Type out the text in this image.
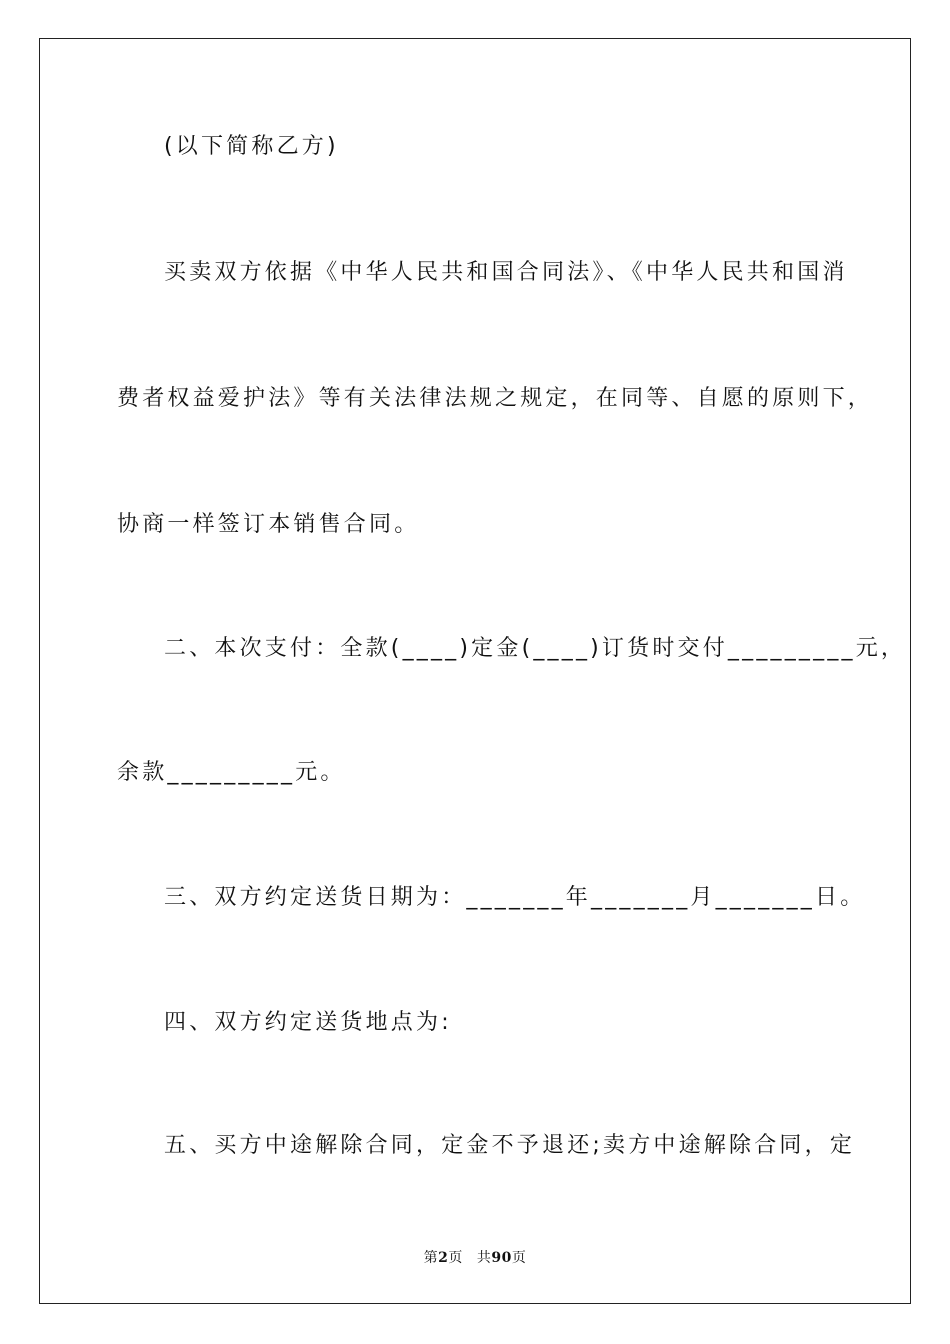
(以下简称乙方)
买卖双方依据《中华人民共和国合同法》、《中华人民共和国消
费者权益爱护法》等有关法律法规之规定，在同等、自愿的原则下，
协商一样签订本销售合同。
二、本次支付：全款(____)定金(____)订货时交付_________元，
余款_________元。
三、双方约定送货日期为：_______年_______月_______日。
四、双方约定送货地点为:
五、买方中途解除合同，定金不予退还;卖方中途解除合同，定
第2页 共90页
